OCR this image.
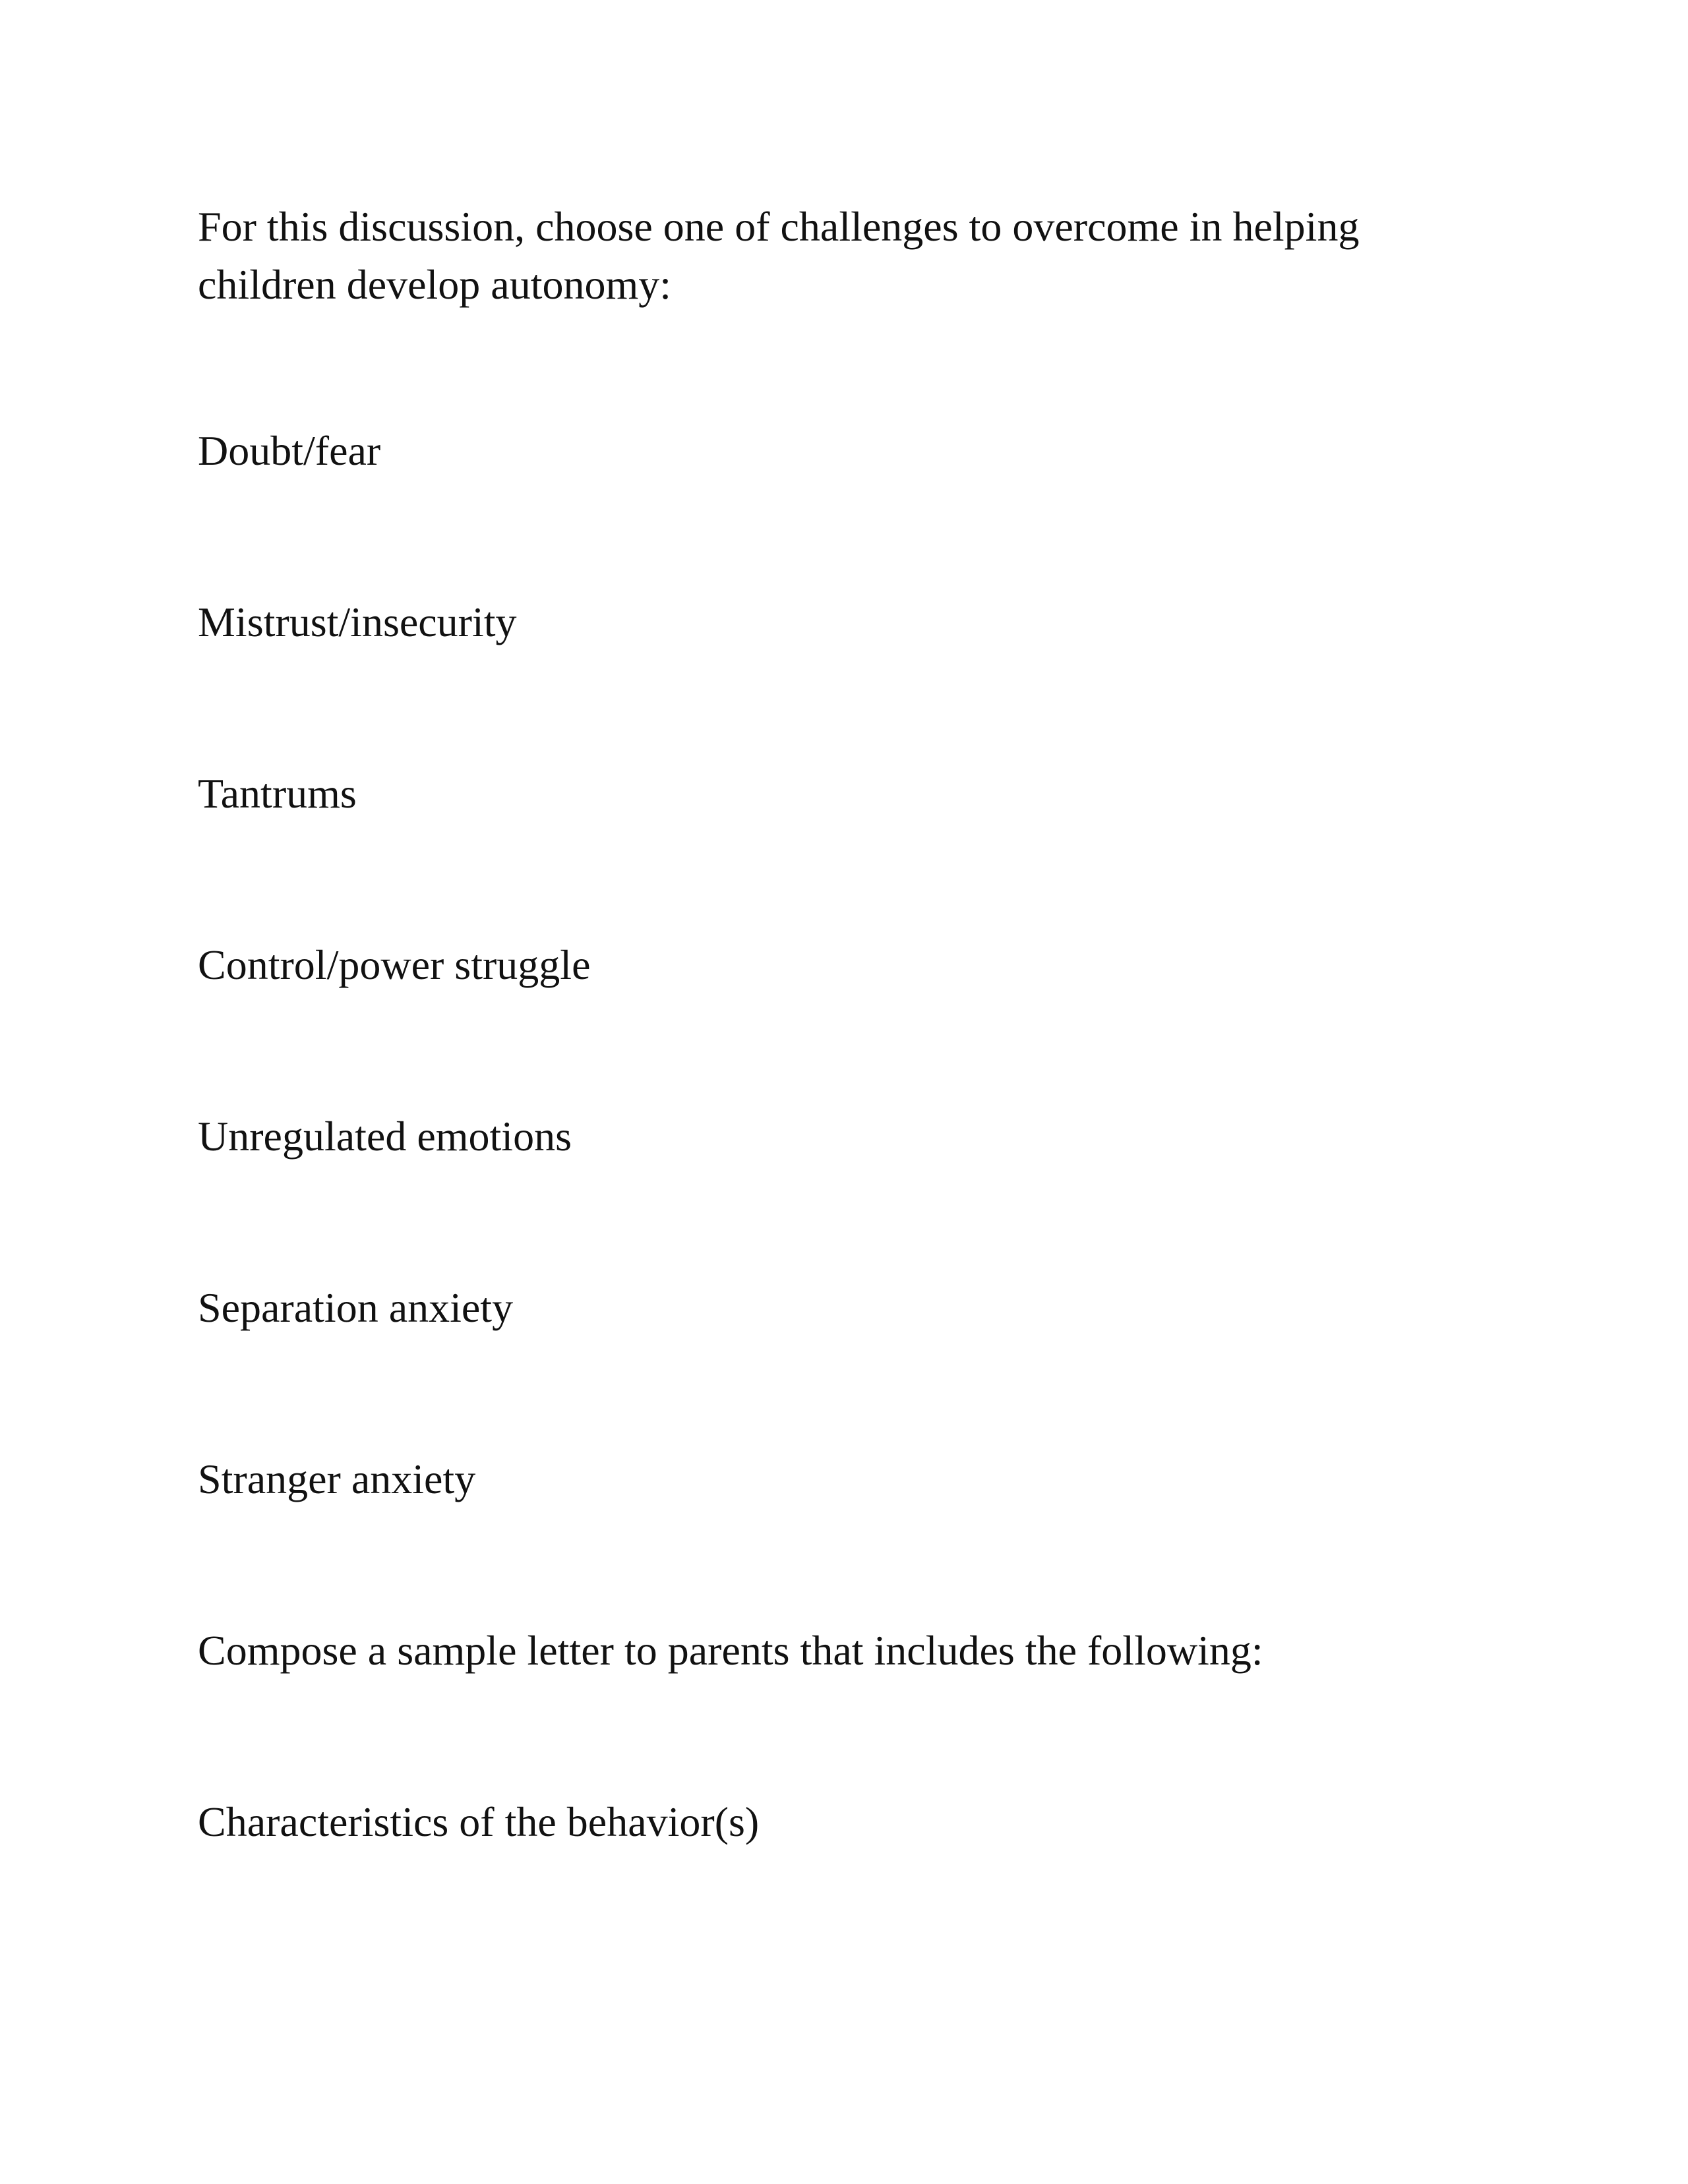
For this discussion, choose one of challenges to overcome in helping
children develop autonomy:

Doubt/fear

Mistrust/insecurity

Tantrums

Control/power struggle

Unregulated emotions

Separation anxiety

Stranger anxiety

Compose a sample letter to parents that includes the following:

Characteristics of the behavior(s)
